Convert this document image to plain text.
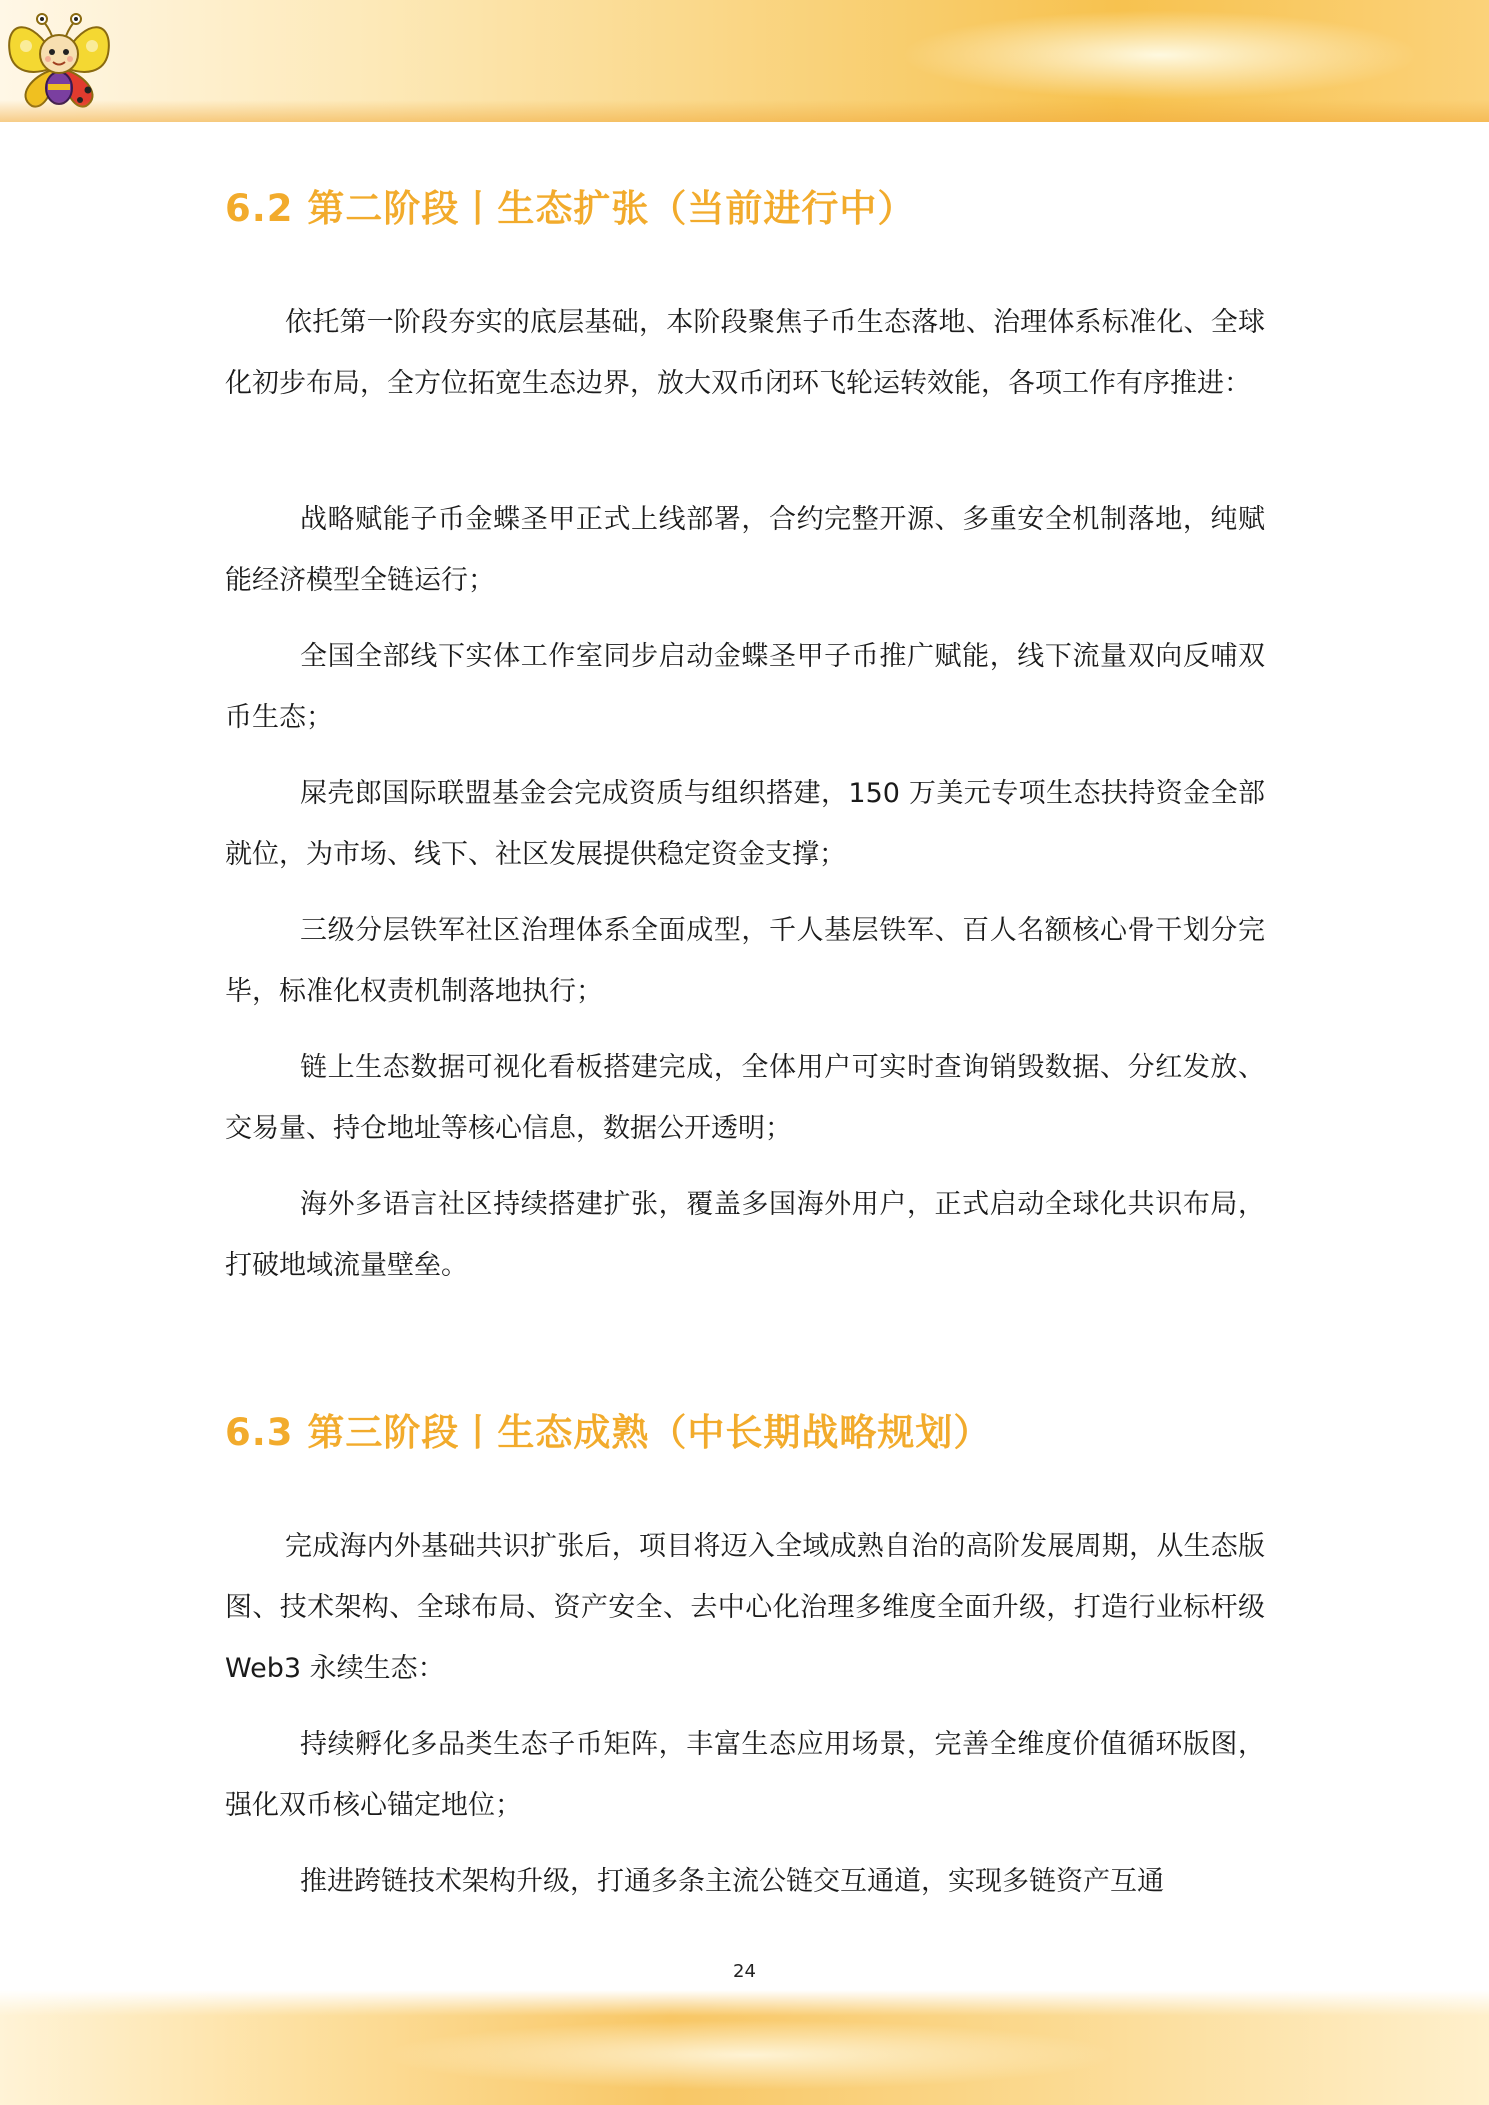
6.2 第二阶段丨生态扩张（当前进行中）

依托第一阶段夯实的底层基础，本阶段聚焦子币生态落地、治理体系标准化、全球化初步布局，全方位拓宽生态边界，放大双币闭环飞轮运转效能，各项工作有序推进：

战略赋能子币金蝶圣甲正式上线部署，合约完整开源、多重安全机制落地，纯赋能经济模型全链运行；

全国全部线下实体工作室同步启动金蝶圣甲子币推广赋能，线下流量双向反哺双币生态；

屎壳郎国际联盟基金会完成资质与组织搭建，150 万美元专项生态扶持资金全部就位，为市场、线下、社区发展提供稳定资金支撑；

三级分层铁军社区治理体系全面成型，千人基层铁军、百人名额核心骨干划分完毕，标准化权责机制落地执行；

链上生态数据可视化看板搭建完成，全体用户可实时查询销毁数据、分红发放、交易量、持仓地址等核心信息，数据公开透明；

海外多语言社区持续搭建扩张，覆盖多国海外用户，正式启动全球化共识布局，打破地域流量壁垒。

6.3 第三阶段丨生态成熟（中长期战略规划）

完成海内外基础共识扩张后，项目将迈入全域成熟自治的高阶发展周期，从生态版图、技术架构、全球布局、资产安全、去中心化治理多维度全面升级，打造行业标杆级 Web3 永续生态：

持续孵化多品类生态子币矩阵，丰富生态应用场景，完善全维度价值循环版图，强化双币核心锚定地位；

推进跨链技术架构升级，打通多条主流公链交互通道，实现多链资产互通

24
